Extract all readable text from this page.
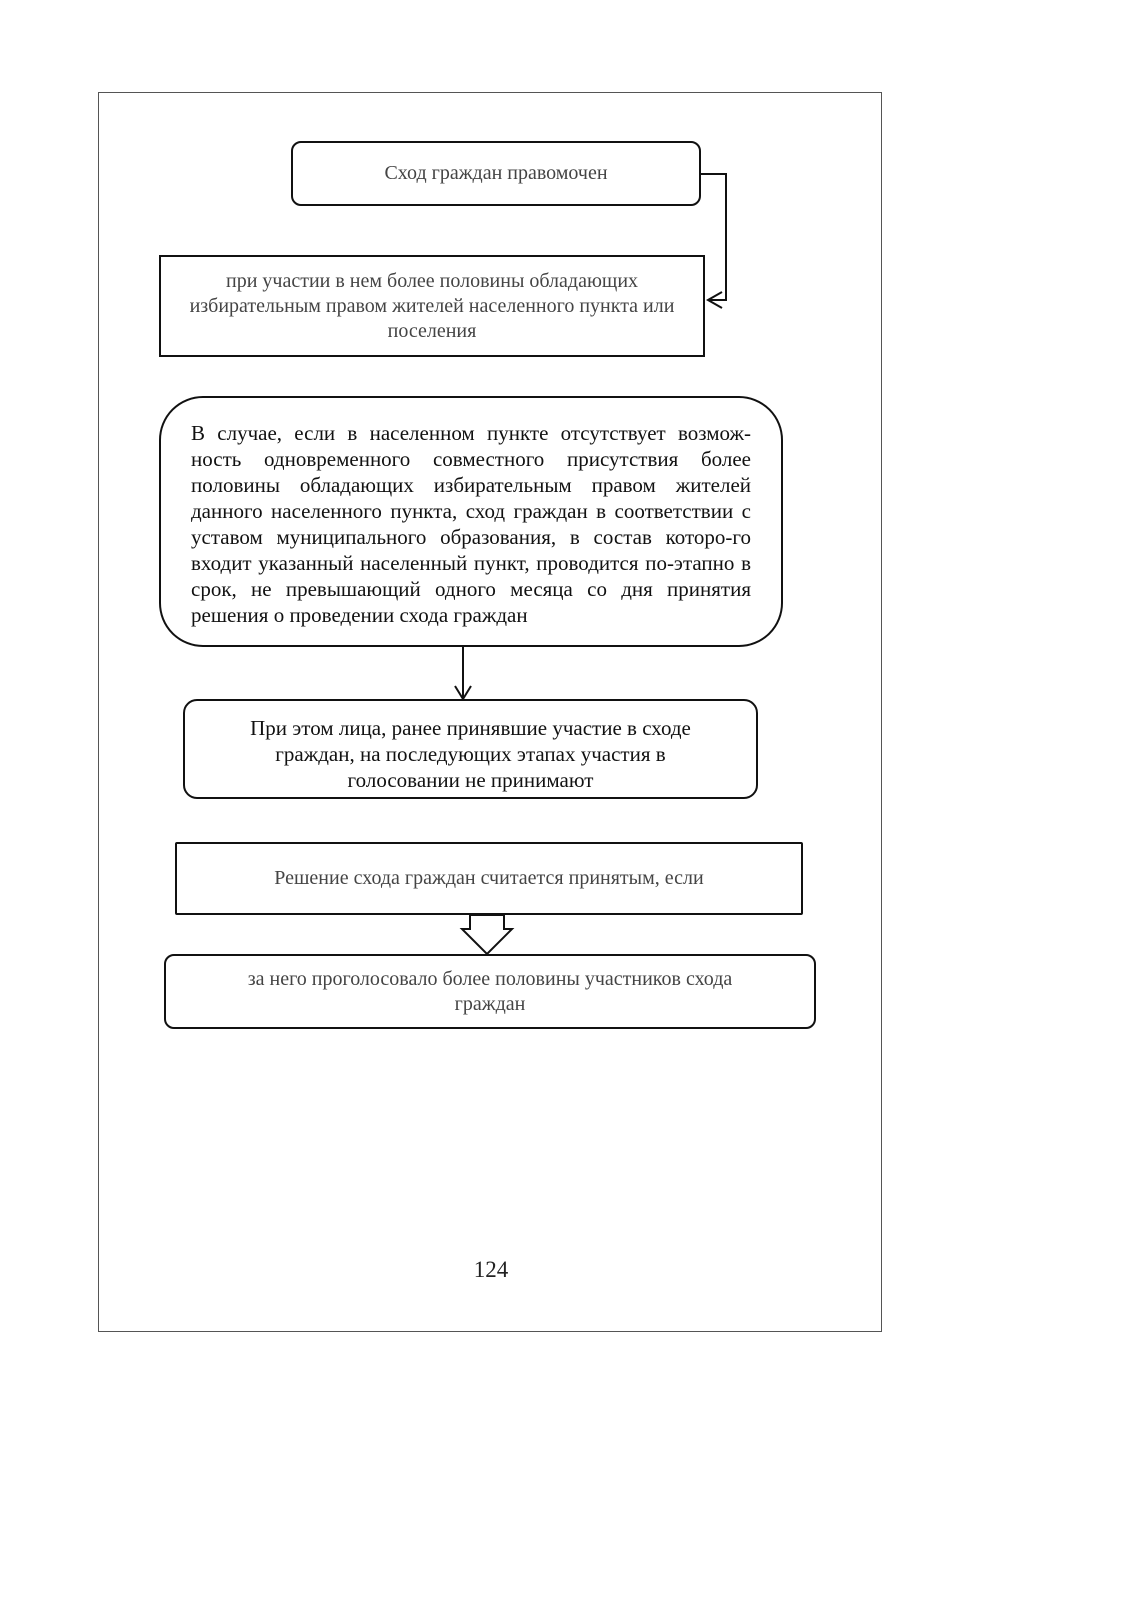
Сход граждан правомочен
при участии в нем более половины обладающих избирательным правом жителей населенного пункта или поселения
В случае, если в населенном пункте отсутствует возмож-ность одновременного совместного присутствия более половины обладающих избирательным правом жителей данного населенного пункта, сход граждан в соответствии с уставом муниципального образования, в состав которо-го входит указанный населенный пункт, проводится по-этапно в срок, не превышающий одного месяца со дня принятия решения о проведении схода граждан
При этом лица, ранее принявшие участие в сходе граждан, на последующих этапах участия в голосовании не принимают
Решение схода граждан считается принятым, если
за него проголосовало более половины участников схода граждан
124
